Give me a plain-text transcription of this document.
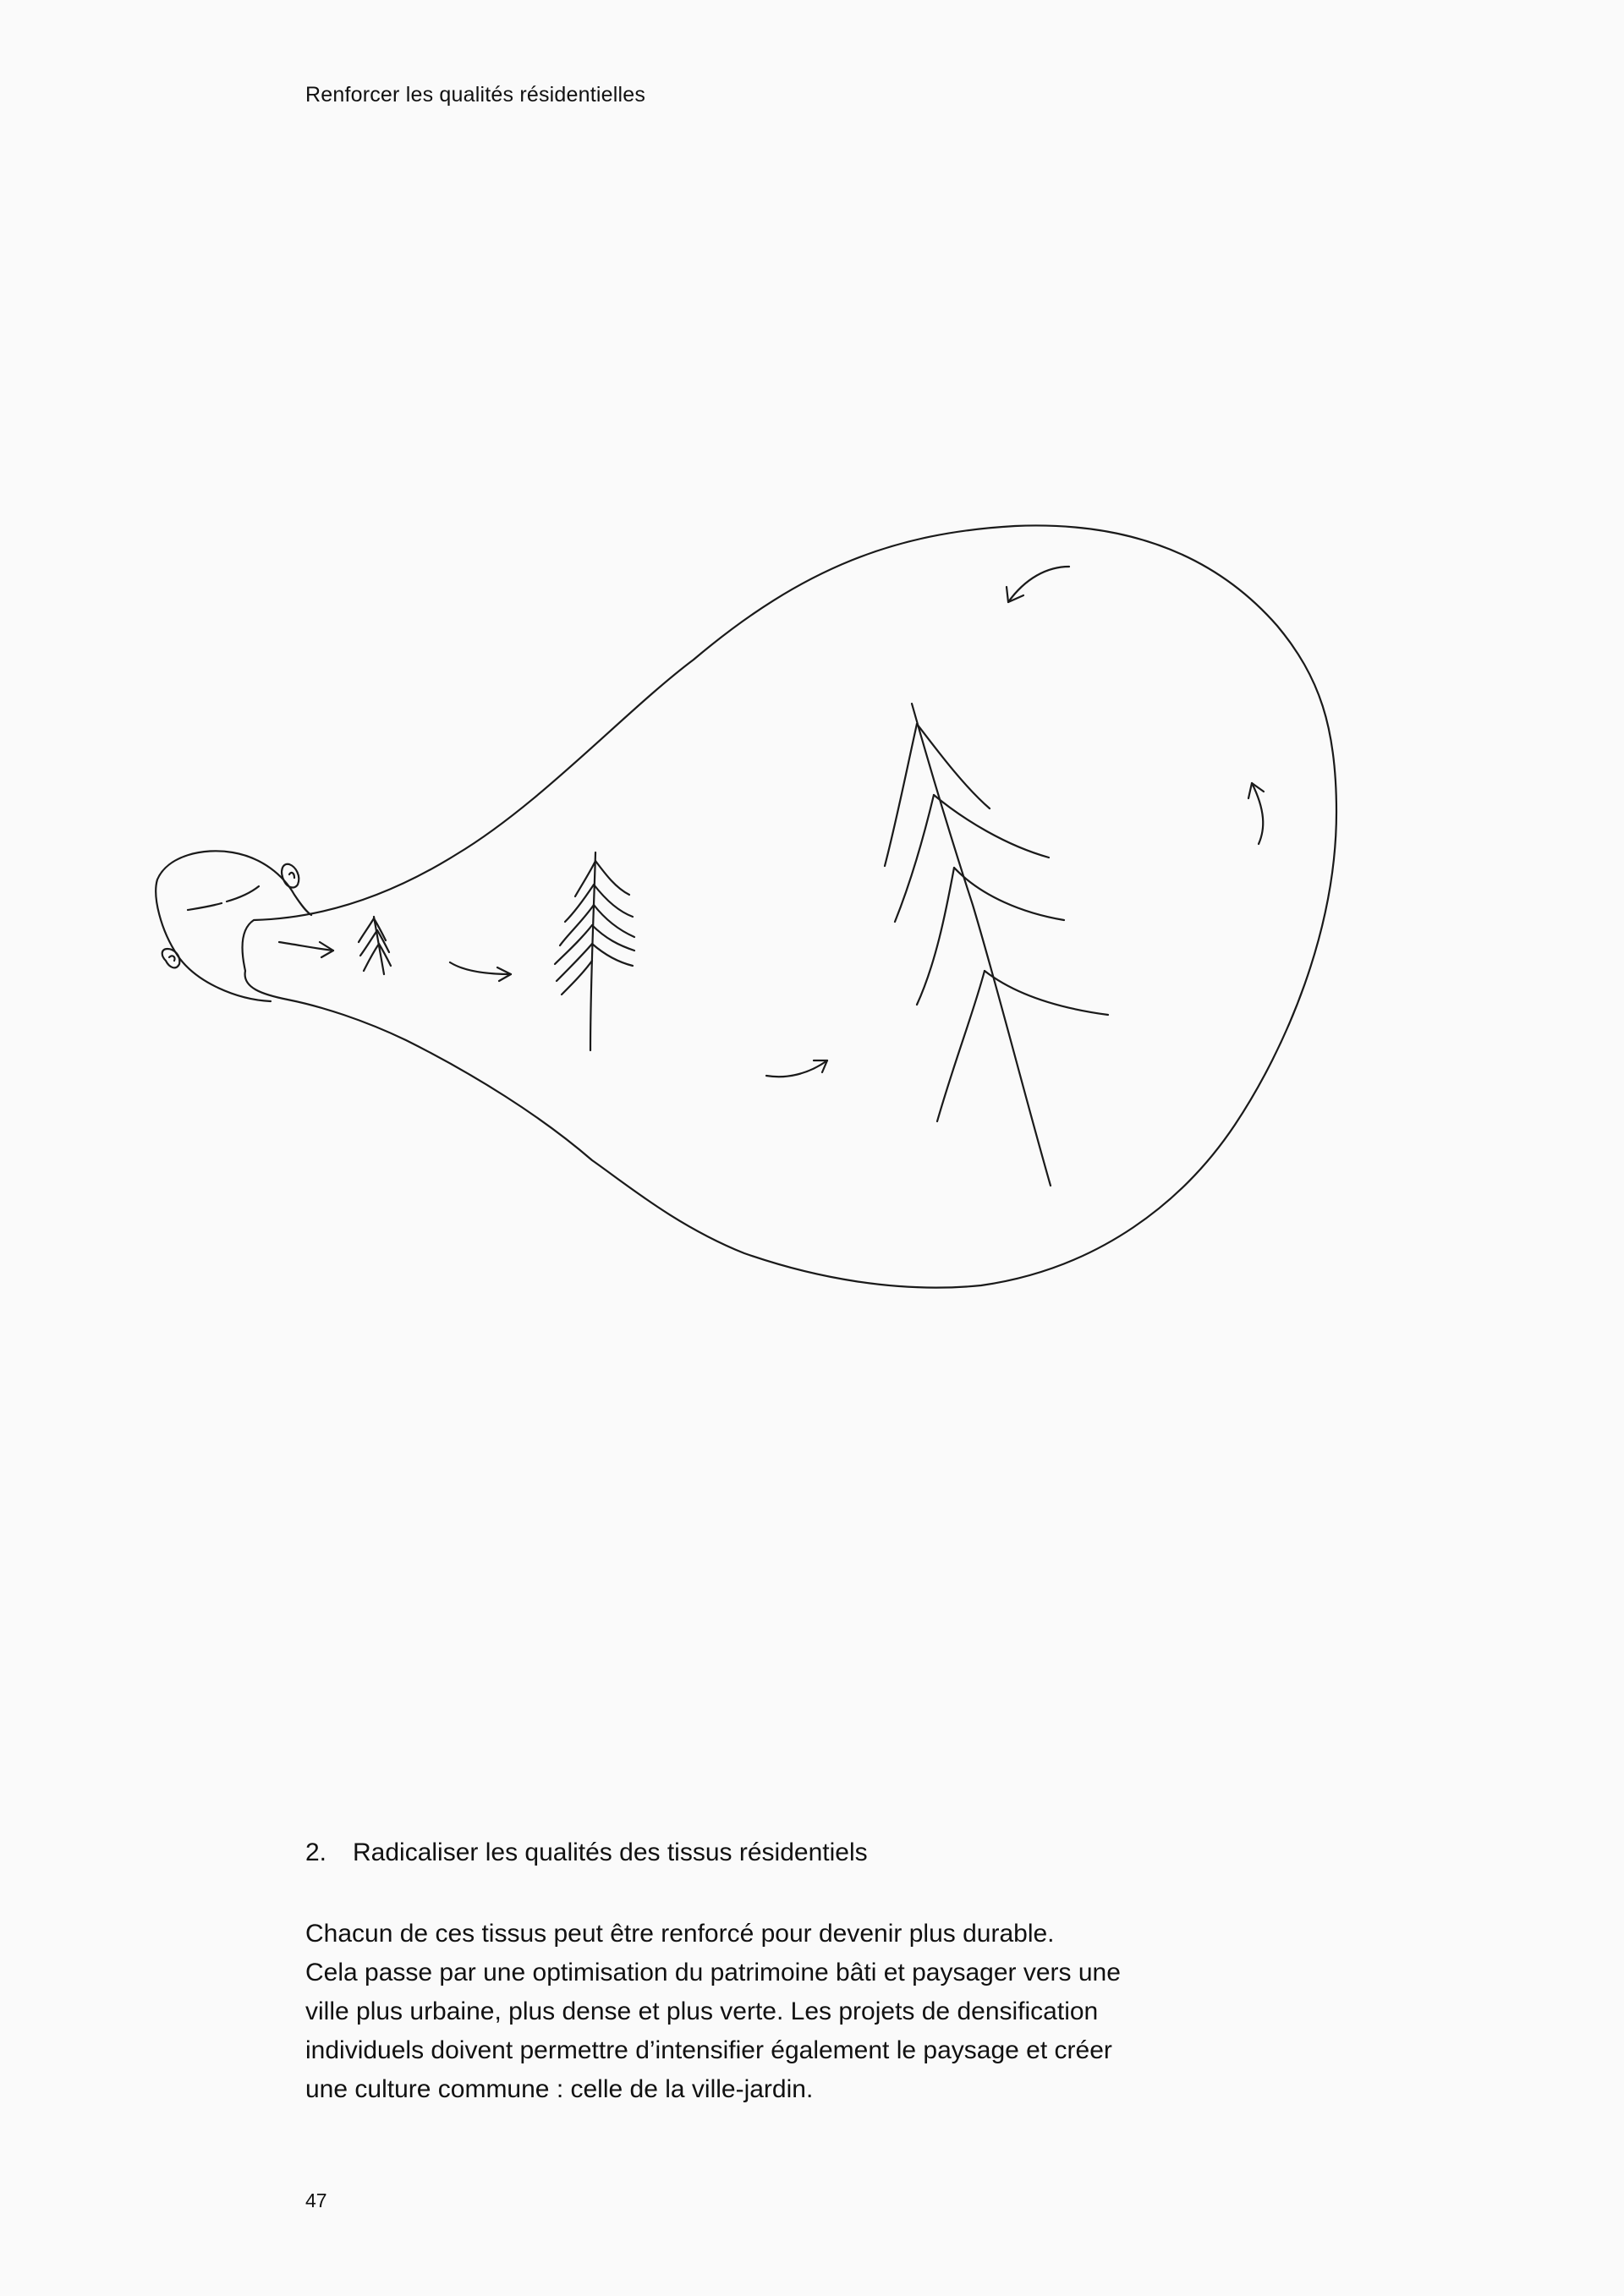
Renforcer les qualités résidentielles
2.	Radicaliser les qualités des tissus résidentiels

Chacun de ces tissus peut être renforcé pour devenir plus durable.

Cela passe par une optimisation du patrimoine bâti et paysager vers une

ville plus urbaine, plus dense et plus verte. Les projets de densification

individuels doivent permettre d’intensifier également le paysage et créer

une culture commune : celle de la ville-jardin.

47
